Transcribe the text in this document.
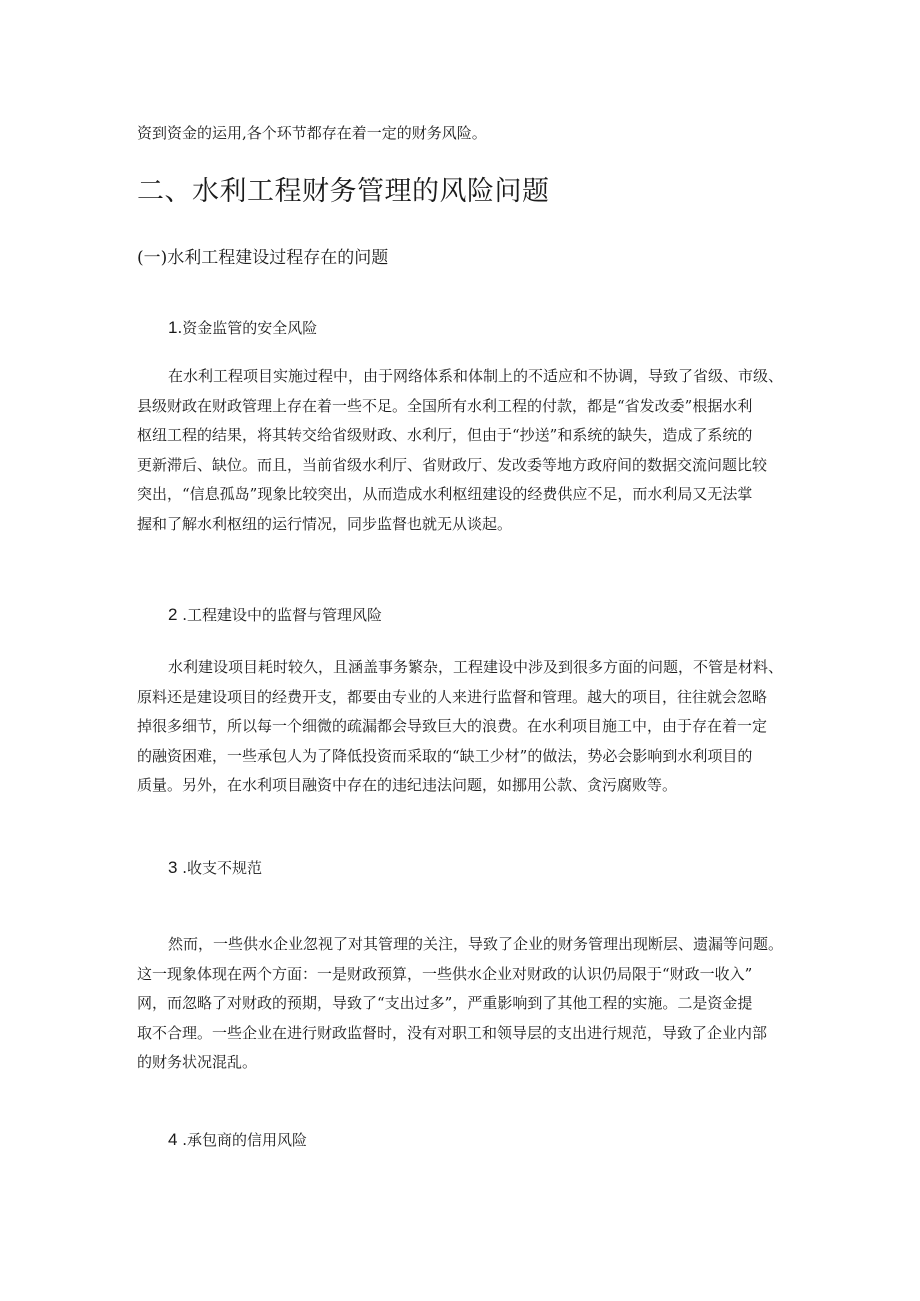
资到资金的运用,各个环节都存在着一定的财务风险。
二、水利工程财务管理的风险问题
(一)水利工程建设过程存在的问题
1.资金监管的安全风险

在水利工程项目实施过程中，由于网络体系和体制上的不适应和不协调，导致了省级、市级、

县级财政在财政管理上存在着一些不足。全国所有水利工程的付款，都是“省发改委”根据水利

枢纽工程的结果，将其转交给省级财政、水利厅，但由于“抄送”和系统的缺失，造成了系统的

更新滞后、缺位。而且，当前省级水利厅、省财政厅、发改委等地方政府间的数据交流问题比较

突出，“信息孤岛”现象比较突出，从而造成水利枢纽建设的经费供应不足，而水利局又无法掌

握和了解水利枢纽的运行情况，同步监督也就无从谈起。

2 .工程建设中的监督与管理风险

水利建设项目耗时较久，且涵盖事务繁杂，工程建设中涉及到很多方面的问题，不管是材料、

原料还是建设项目的经费开支，都要由专业的人来进行监督和管理。越大的项目，往往就会忽略

掉很多细节，所以每一个细微的疏漏都会导致巨大的浪费。在水利项目施工中，由于存在着一定

的融资困难，一些承包人为了降低投资而采取的“缺工少材”的做法，势必会影响到水利项目的

质量。另外，在水利项目融资中存在的违纪违法问题，如挪用公款、贪污腐败等。

3 .收支不规范

然而，一些供水企业忽视了对其管理的关注，导致了企业的财务管理出现断层、遗漏等问题。

这一现象体现在两个方面：一是财政预算，一些供水企业对财政的认识仍局限于“财政一收入”

网，而忽略了对财政的预期，导致了“支出过多”，严重影响到了其他工程的实施。二是资金提

取不合理。一些企业在进行财政监督时，没有对职工和领导层的支出进行规范，导致了企业内部

的财务状况混乱。

4 .承包商的信用风险
